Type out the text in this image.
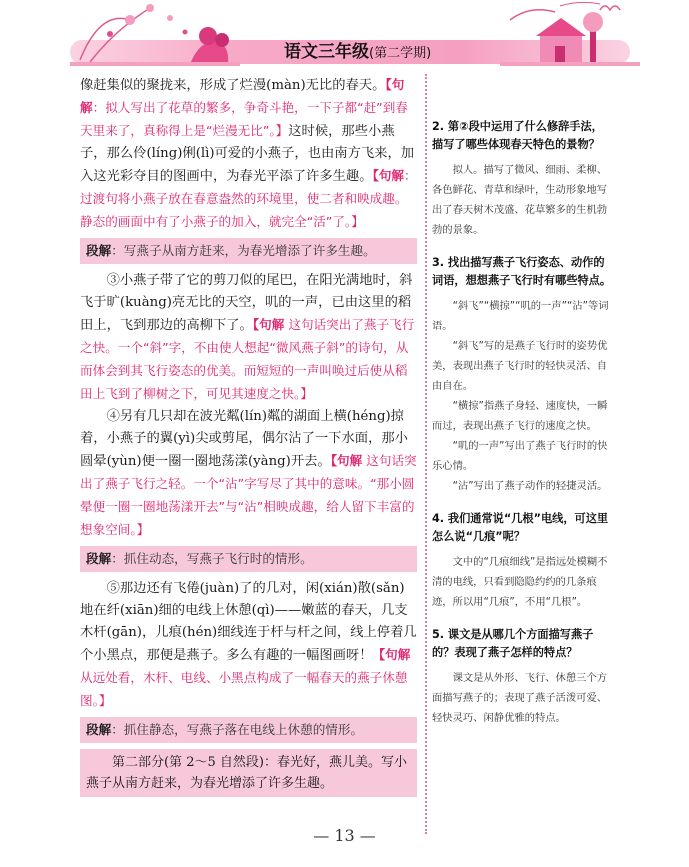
语文三年级(第二学期)

像赶集似的聚拢来，形成了烂漫(màn)无比的春天。【句解：拟人写出了花草的繁多，争奇斗艳，一下子都“赶”到春天里来了，真称得上是“烂漫无比”。】这时候，那些小燕子，那么伶(líng)俐(lì)可爱的小燕子，也由南方飞来，加入这光彩夺目的图画中，为春光平添了许多生趣。【句解：过渡句将小燕子放在春意盎然的环境里，使二者和映成趣。静态的画面中有了小燕子的加入，就完全“活”了。】

段解：写燕子从南方赶来，为春光增添了许多生趣。

③小燕子带了它的剪刀似的尾巴，在阳光满地时，斜飞于旷(kuàng)亮无比的天空，叽的一声，已由这里的稻田上，飞到那边的高柳下了。【句解 这句话突出了燕子飞行之快。一个“斜”字，不由使人想起“微风燕子斜”的诗句，从而体会到其飞行姿态的优美。而短短的一声叫唤过后使从稻田上飞到了柳树之下，可见其速度之快。】

④另有几只却在波光粼(lín)粼的湖面上横(héng)掠着，小燕子的翼(yì)尖或剪尾，偶尔沾了一下水面，那小圆晕(yùn)便一圈一圈地荡漾(yàng)开去。【句解 这句话突出了燕子飞行之轻。一个“沾”字写尽了其中的意味。“那小圆晕便一圈一圈地荡漾开去”与“沾”相映成趣，给人留下丰富的想象空间。】

段解：抓住动态，写燕子飞行时的情形。

⑤那边还有飞倦(juàn)了的几对，闲(xián)散(sǎn)地在纤(xiān)细的电线上休憩(qì)——嫩蓝的春天，几支木杆(gān)，儿痕(hén)细线连于杆与杆之间，线上停着几个小黑点，那便是燕子。多么有趣的一幅图画呀！【句解 从远处看，木杆、电线、小黑点构成了一幅春天的燕子休憩图。】

段解：抓住静态，写燕子落在电线上休憩的情形。
第二部分(第 2～5 自然段)：春光好，燕儿美。写小燕子从南方赶来，为春光增添了许多生趣。

2. 第②段中运用了什么修辞手法，描写了哪些体现春天特色的景物？

拟人。描写了微风、细雨、柔柳、各色鲜花、青草和绿叶，生动形象地写出了春天树木茂盛、花草繁多的生机勃勃的景象。

3. 找出描写燕子飞行姿态、动作的词语，想想燕子飞行时有哪些特点。

“斜飞”“横掠”“叽的一声”“沾”等词语。

“斜飞”写的是燕子飞行时的姿势优美，表现出燕子飞行时的轻快灵活、自由自在。

“横掠”指燕子身轻、速度快，一瞬而过，表现出燕子飞行的速度之快。

“叽的一声”写出了燕子飞行时的快乐心情。

“沾”写出了燕子动作的轻捷灵活。

4. 我们通常说“几根”电线，可这里怎么说“几痕”呢？

文中的“几痕细线”是指远处模糊不清的电线，只看到隐隐约约的几条痕迹，所以用“几痕”，不用“几根”。

5. 课文是从哪几个方面描写燕子的？表现了燕子怎样的特点？

课文是从外形、飞行、休憩三个方面描写燕子的；表现了燕子活泼可爱、轻快灵巧、闲静优雅的特点。

— 13 —
